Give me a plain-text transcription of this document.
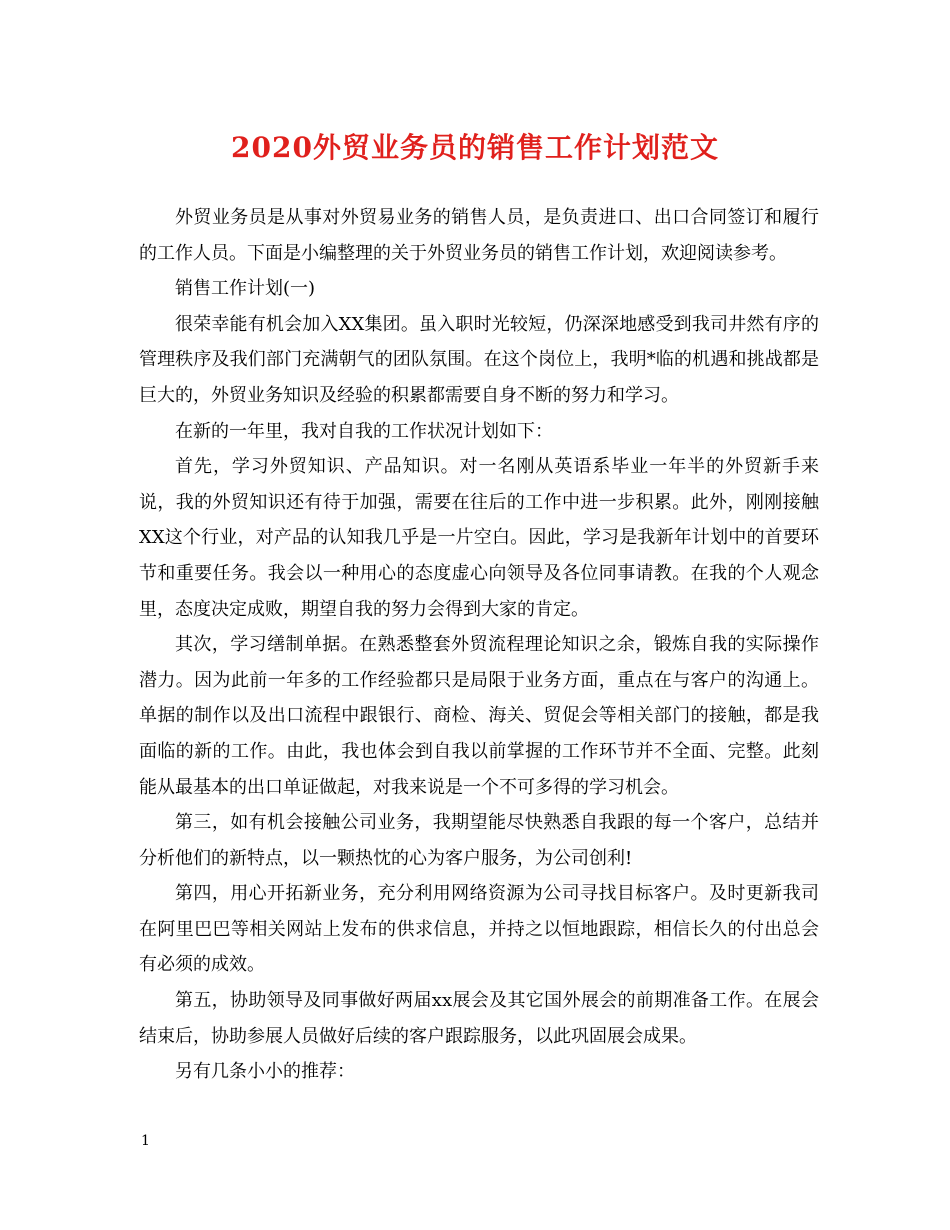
2020外贸业务员的销售工作计划范文

外贸业务员是从事对外贸易业务的销售人员，是负责进口、出口合同签订和履行的工作人员。下面是小编整理的关于外贸业务员的销售工作计划，欢迎阅读参考。

销售工作计划(一)

很荣幸能有机会加入XX集团。虽入职时光较短，仍深深地感受到我司井然有序的管理秩序及我们部门充满朝气的团队氛围。在这个岗位上，我明*临的机遇和挑战都是巨大的，外贸业务知识及经验的积累都需要自身不断的努力和学习。

在新的一年里，我对自我的工作状况计划如下：

首先，学习外贸知识、产品知识。对一名刚从英语系毕业一年半的外贸新手来说，我的外贸知识还有待于加强，需要在往后的工作中进一步积累。此外，刚刚接触XX这个行业，对产品的认知我几乎是一片空白。因此，学习是我新年计划中的首要环节和重要任务。我会以一种用心的态度虚心向领导及各位同事请教。在我的个人观念里，态度决定成败，期望自我的努力会得到大家的肯定。

其次，学习缮制单据。在熟悉整套外贸流程理论知识之余，锻炼自我的实际操作潜力。因为此前一年多的工作经验都只是局限于业务方面，重点在与客户的沟通上。单据的制作以及出口流程中跟银行、商检、海关、贸促会等相关部门的接触，都是我面临的新的工作。由此，我也体会到自我以前掌握的工作环节并不全面、完整。此刻能从最基本的出口单证做起，对我来说是一个不可多得的学习机会。

第三，如有机会接触公司业务，我期望能尽快熟悉自我跟的每一个客户，总结并分析他们的新特点，以一颗热忱的心为客户服务，为公司创利!

第四，用心开拓新业务，充分利用网络资源为公司寻找目标客户。及时更新我司在阿里巴巴等相关网站上发布的供求信息，并持之以恒地跟踪，相信长久的付出总会有必须的成效。

第五，协助领导及同事做好两届xx展会及其它国外展会的前期准备工作。在展会结束后，协助参展人员做好后续的客户跟踪服务，以此巩固展会成果。

另有几条小小的推荐：

1
